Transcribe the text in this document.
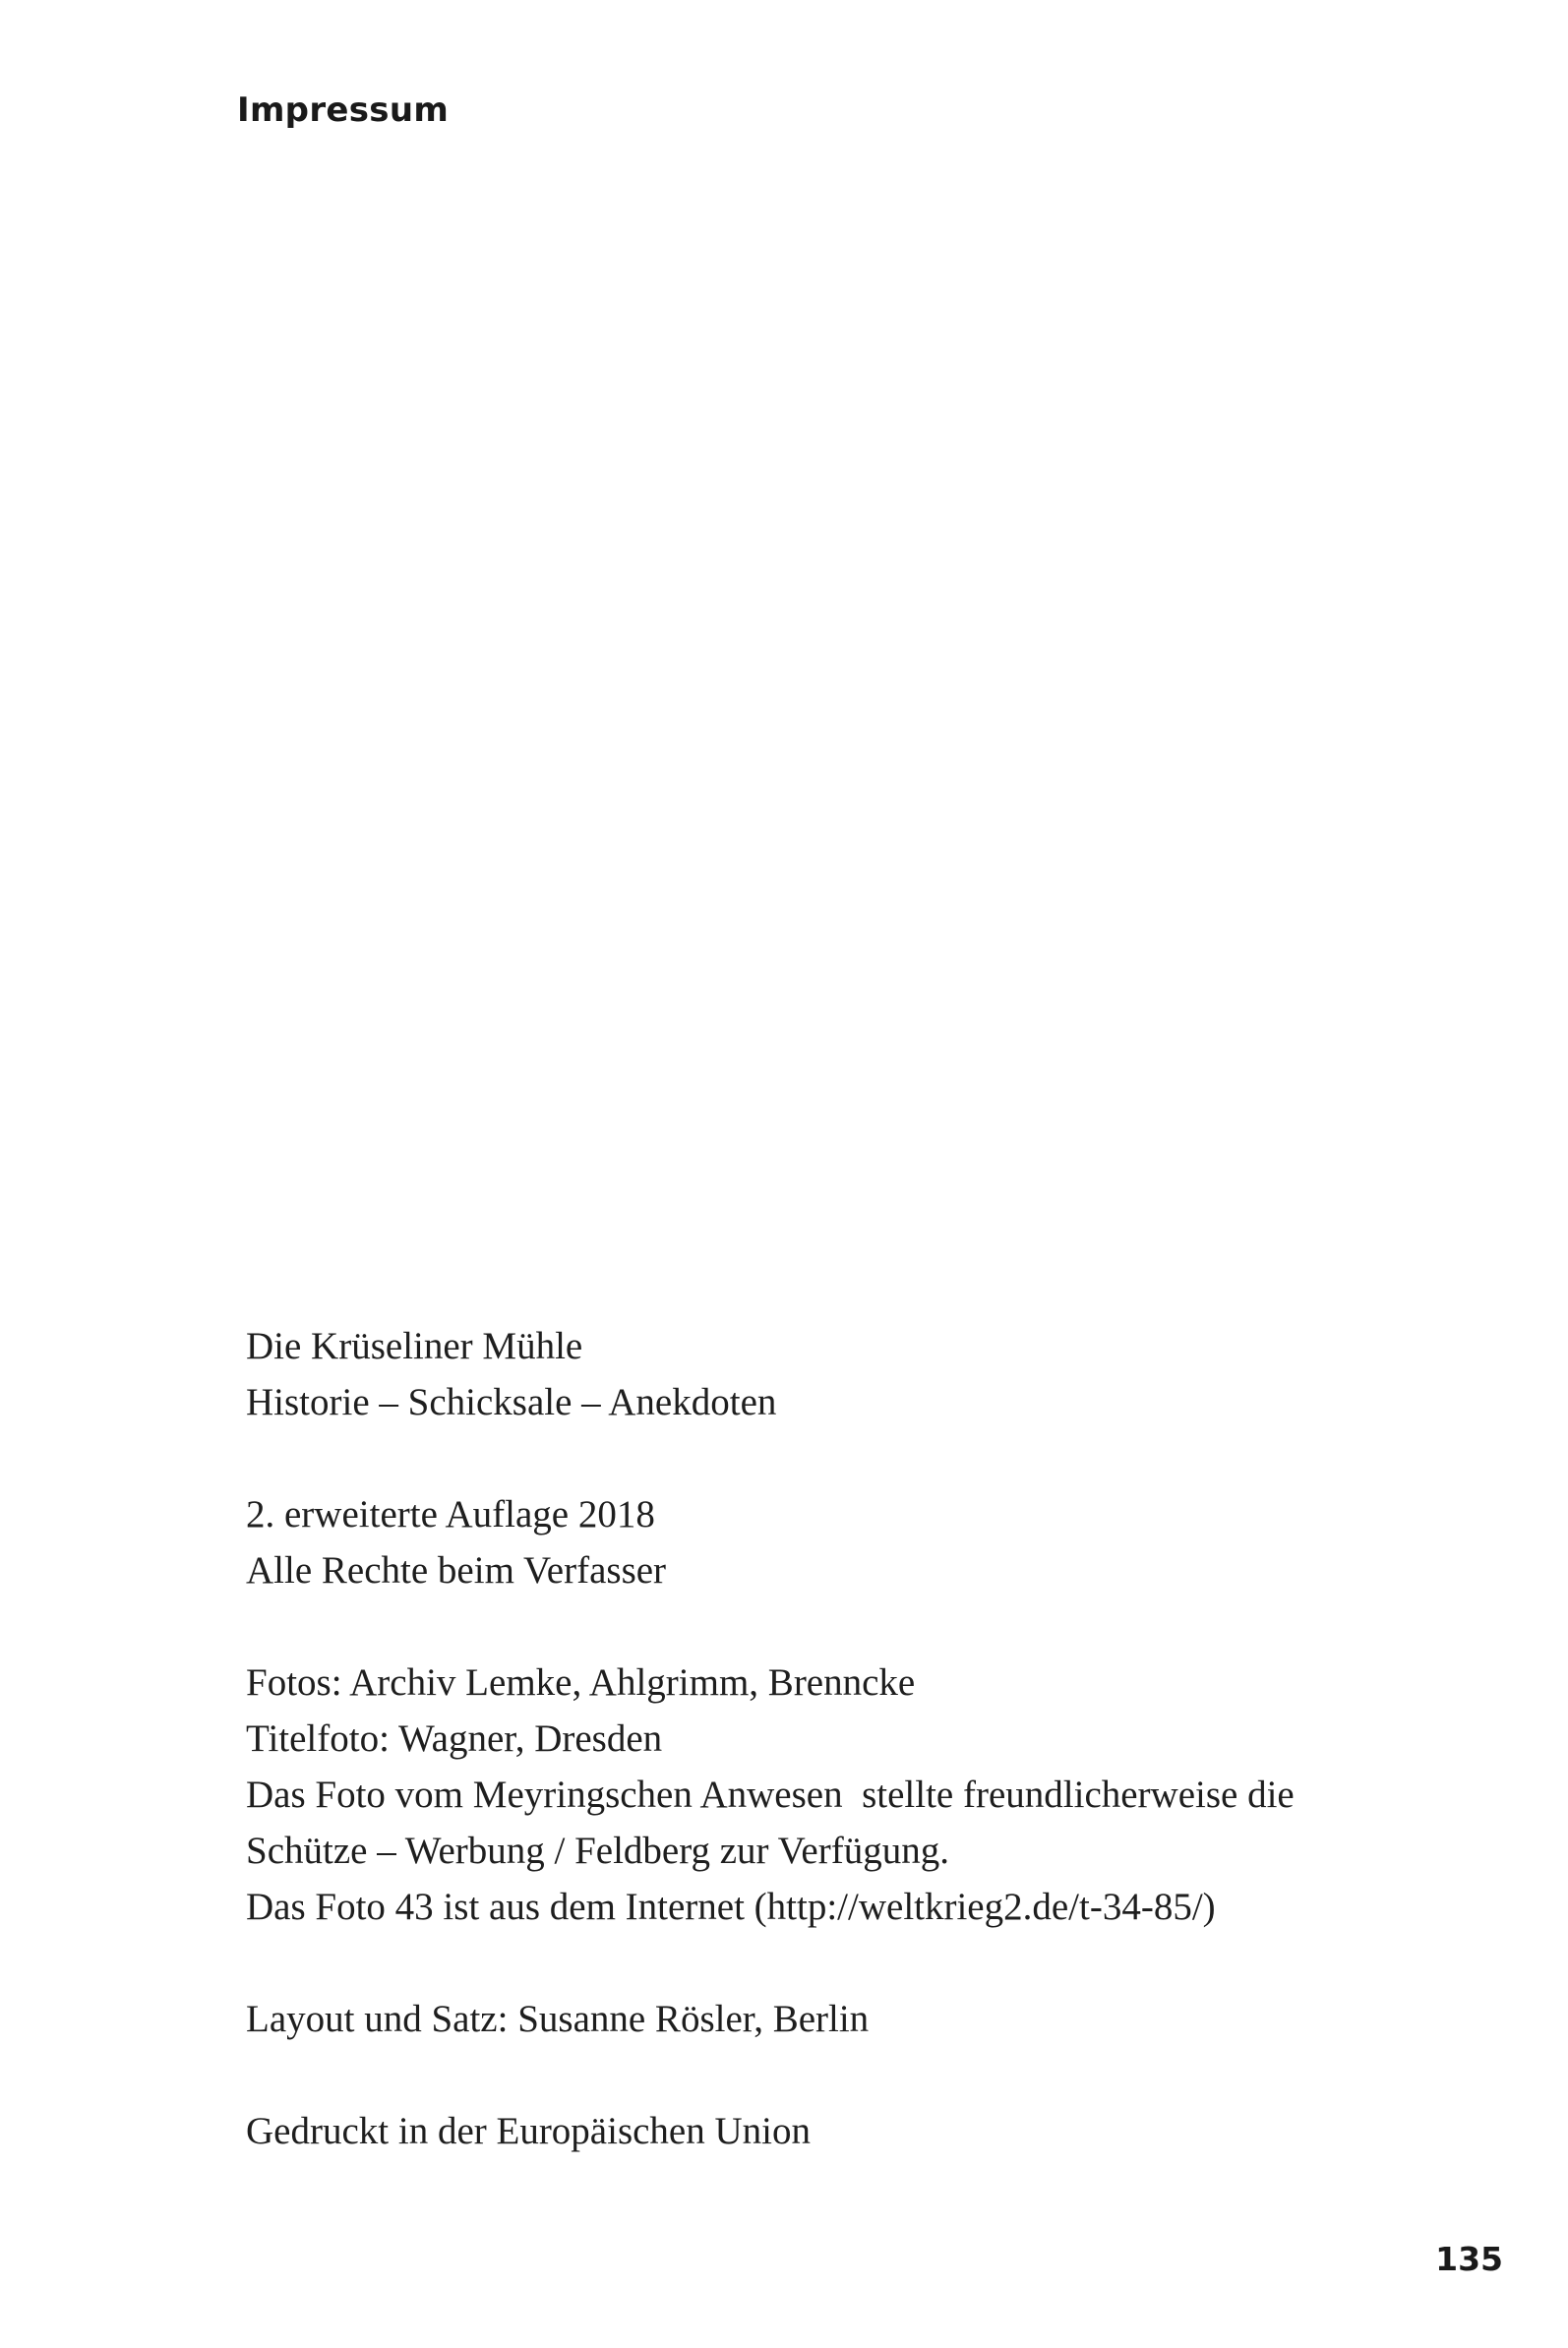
Impressum
Die Krüseliner Mühle
Historie – Schicksale – Anekdoten
2. erweiterte Auflage 2018
Alle Rechte beim Verfasser
Fotos: Archiv Lemke, Ahlgrimm, Brenncke
Titelfoto: Wagner, Dresden
Das Foto vom Meyringschen Anwesen  stellte freundlicherweise die
Schütze – Werbung / Feldberg zur Verfügung.
Das Foto 43 ist aus dem Internet (http://weltkrieg2.de/t-34-85/)
Layout und Satz: Susanne Rösler, Berlin
Gedruckt in der Europäischen Union
135
